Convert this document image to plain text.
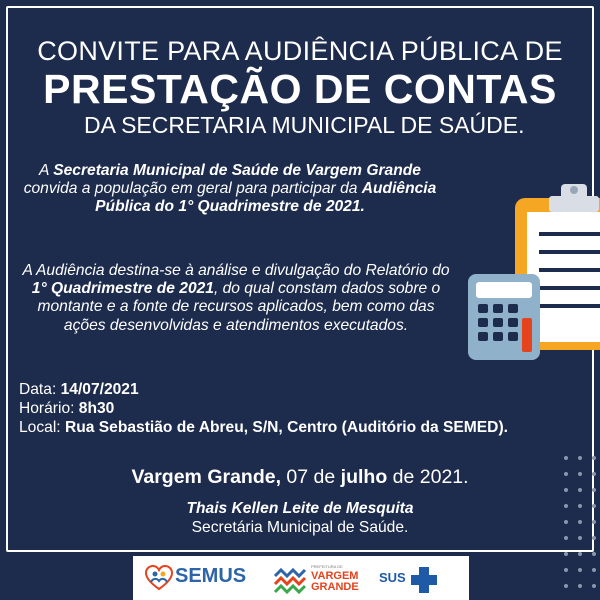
CONVITE PARA AUDIÊNCIA PÚBLICA DE
PRESTAÇÃO DE CONTAS
DA SECRETARIA MUNICIPAL DE SAÚDE.
A Secretaria Municipal de Saúde de Vargem Grande convida a população em geral para participar da Audiência Pública do 1° Quadrimestre de 2021.
A Audiência destina-se à análise e divulgação do Relatório do 1° Quadrimestre de 2021, do qual constam dados sobre o montante e a fonte de recursos aplicados, bem como das ações desenvolvidas e atendimentos executados.
Data: 14/07/2021
Horário: 8h30
Local: Rua Sebastião de Abreu, S/N, Centro (Auditório da SEMED).
Vargem Grande, 07 de julho de 2021.
Thais Kellen Leite de Mesquita
Secretária Municipal de Saúde.
SEMUS	PREFEITURA DE
VARGEM
GRANDE
SUS
